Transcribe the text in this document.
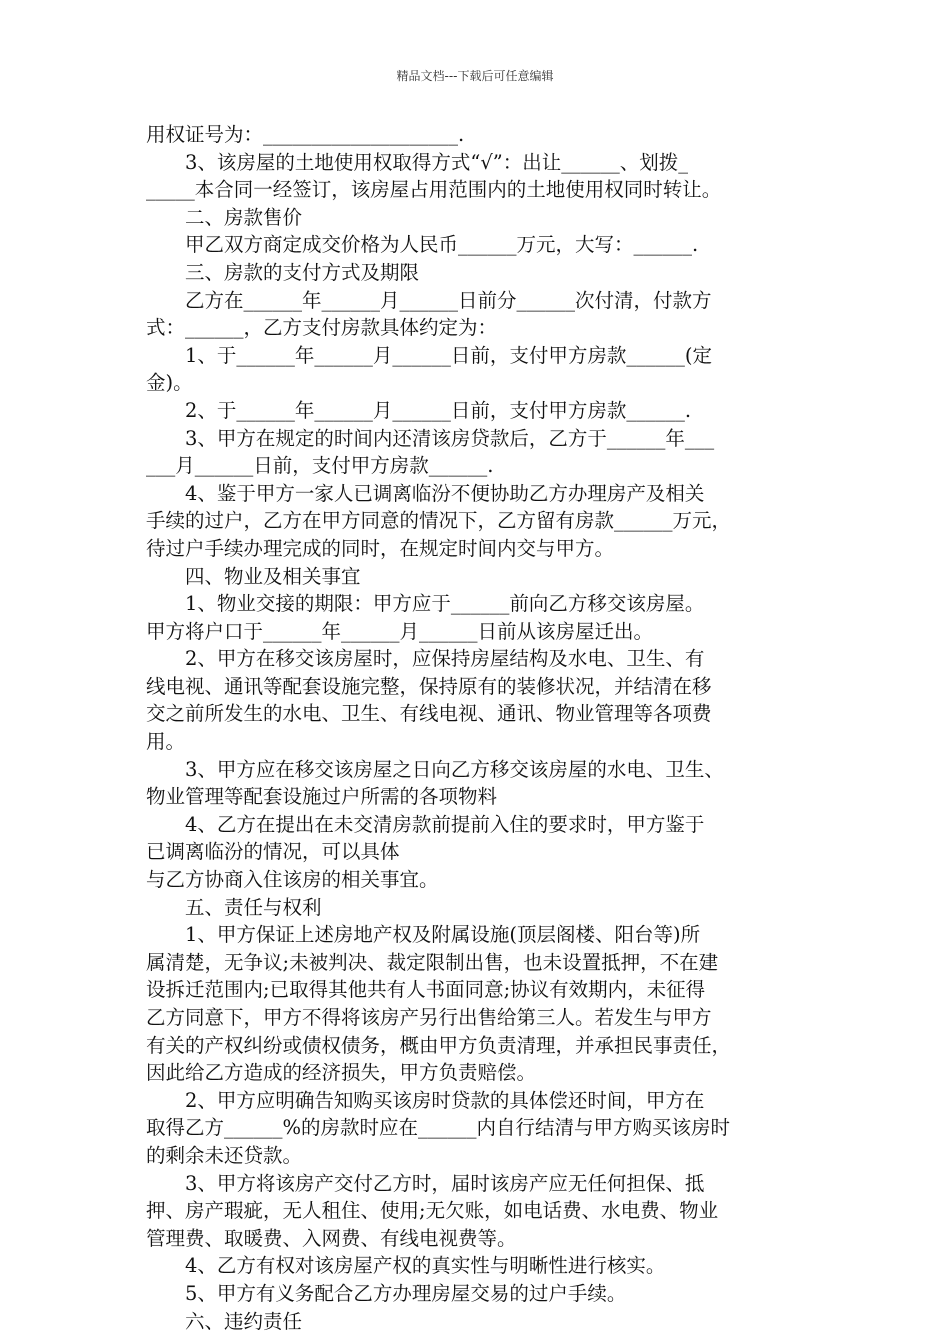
精品文档---下载后可任意编辑
用权证号为：____________________.
　　3、该房屋的土地使用权取得方式“√”：出让______、划拨_
_____本合同一经签订，该房屋占用范围内的土地使用权同时转让。
　　二、房款售价
　　甲乙双方商定成交价格为人民币______万元，大写：______.
　　三、房款的支付方式及期限
　　乙方在______年______月______日前分______次付清，付款方
式：______，乙方支付房款具体约定为：
　　1、于______年______月______日前，支付甲方房款______(定
金)。
　　2、于______年______月______日前，支付甲方房款______.
　　3、甲方在规定的时间内还清该房贷款后，乙方于______年___
___月______日前，支付甲方房款______.
　　4、鉴于甲方一家人已调离临汾不便协助乙方办理房产及相关
手续的过户，乙方在甲方同意的情况下，乙方留有房款______万元，
待过户手续办理完成的同时，在规定时间内交与甲方。
　　四、物业及相关事宜
　　1、物业交接的期限：甲方应于______前向乙方移交该房屋。
甲方将户口于______年______月______日前从该房屋迁出。
　　2、甲方在移交该房屋时，应保持房屋结构及水电、卫生、有
线电视、通讯等配套设施完整，保持原有的装修状况，并结清在移
交之前所发生的水电、卫生、有线电视、通讯、物业管理等各项费
用。
　　3、甲方应在移交该房屋之日向乙方移交该房屋的水电、卫生、
物业管理等配套设施过户所需的各项物料
　　4、乙方在提出在未交清房款前提前入住的要求时，甲方鉴于
已调离临汾的情况，可以具体
与乙方协商入住该房的相关事宜。
　　五、责任与权利
　　1、甲方保证上述房地产权及附属设施(顶层阁楼、阳台等)所
属清楚，无争议;未被判决、裁定限制出售，也未设置抵押，不在建
设拆迁范围内;已取得其他共有人书面同意;协议有效期内，未征得
乙方同意下，甲方不得将该房产另行出售给第三人。若发生与甲方
有关的产权纠纷或债权债务，概由甲方负责清理，并承担民事责任，
因此给乙方造成的经济损失，甲方负责赔偿。
　　2、甲方应明确告知购买该房时贷款的具体偿还时间，甲方在
取得乙方______%的房款时应在______内自行结清与甲方购买该房时
的剩余未还贷款。
　　3、甲方将该房产交付乙方时，届时该房产应无任何担保、抵
押、房产瑕疵，无人租住、使用;无欠账，如电话费、水电费、物业
管理费、取暖费、入网费、有线电视费等。
　　4、乙方有权对该房屋产权的真实性与明晰性进行核实。
　　5、甲方有义务配合乙方办理房屋交易的过户手续。
　　六、违约责任
